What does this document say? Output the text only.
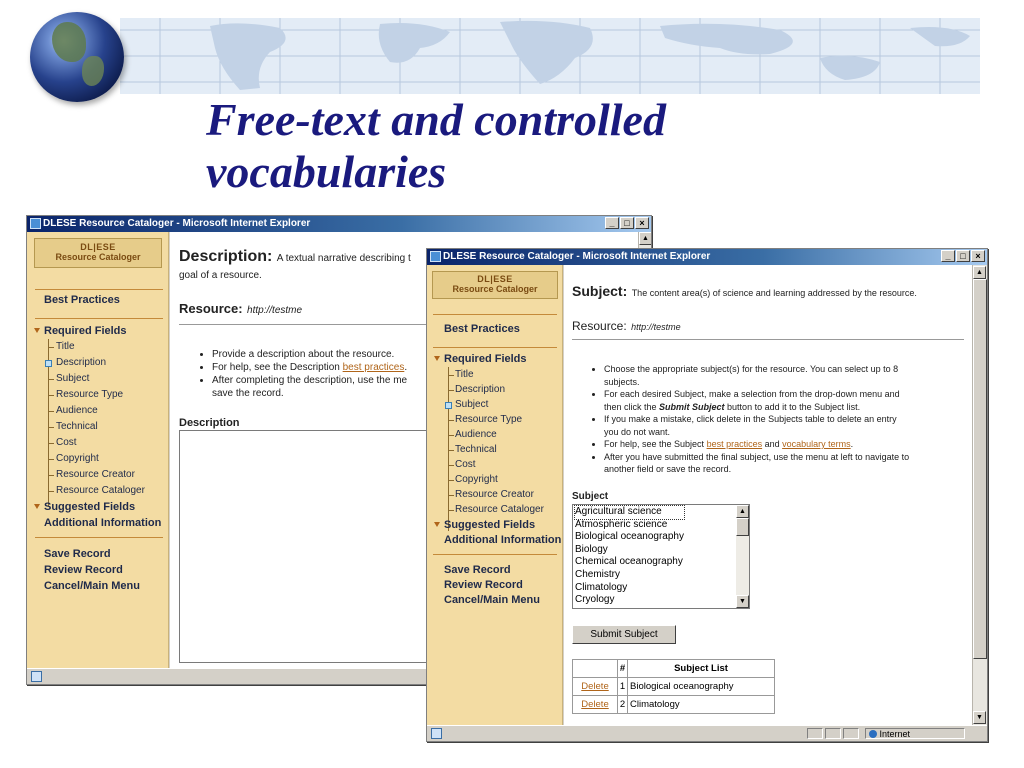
Free-text and controlled vocabularies
DLESE Resource Cataloger - Microsoft Internet Explorer	_	□	×
DL|ESE
Resource Cataloger
Best Practices
Required Fields
Title
Description
Subject
Resource Type
Audience
Technical
Cost
Copyright
Resource Creator
Resource Cataloger
Suggested Fields
Additional Information
Save Record
Review Record
Cancel/Main Menu
Description: A textual narrative describing t
goal of a resource.
Resource: http://testme
• Provide a description about the resource.
• For help, see the Description best practices.
• After completing the description, use the me
save the record.
Description
▲
DLESE Resource Cataloger - Microsoft Internet Explorer	_	□	×
DL|ESE
Resource Cataloger
Best Practices
Required Fields
Title
Description
Subject
Resource Type
Audience
Technical
Cost
Copyright
Resource Creator
Resource Cataloger
Suggested Fields
Additional Information
Save Record
Review Record
Cancel/Main Menu
Subject: The content area(s) of science and learning addressed by the resource.
Resource: http://testme
• Choose the appropriate subject(s) for the resource. You can select up to 8
subjects.
• For each desired Subject, make a selection from the drop-down menu and
then click the Submit Subject button to add it to the Subject list.
• If you make a mistake, click delete in the Subjects table to delete an entry
you do not want.
• For help, see the Subject best practices and vocabulary terms.
• After you have submitted the final subject, use the menu at left to navigate to
another field or save the record.
Subject
Agricultural science
Atmospheric science
Biological oceanography
Biology
Chemical oceanography
Chemistry
Climatology
Cryology
▲
▼
Submit Subject
	#	Subject List
Delete	1	Biological oceanography
Delete	2	Climatology
▲
▼
Internet
